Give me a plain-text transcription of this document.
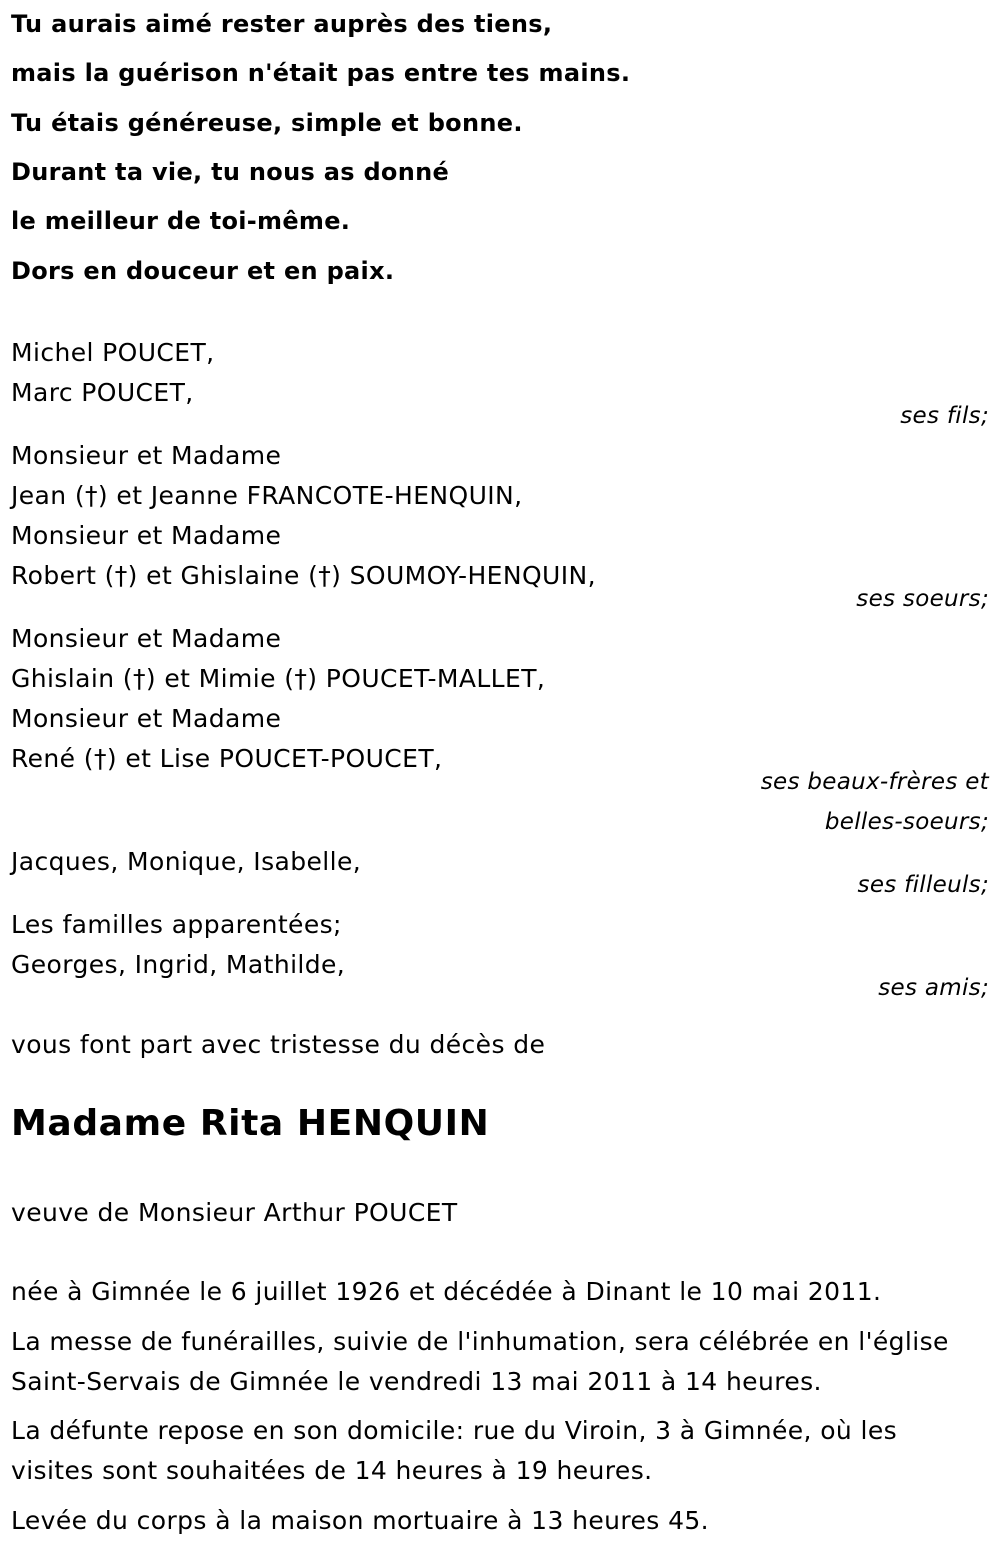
Tu aurais aimé rester auprès des tiens,
mais la guérison n'était pas entre tes mains.
Tu étais généreuse, simple et bonne.
Durant ta vie, tu nous as donné
le meilleur de toi-même.
Dors en douceur et en paix.
Michel POUCET,
Marc POUCET,
ses fils;
Monsieur et Madame
Jean (†) et Jeanne FRANCOTE-HENQUIN,
Monsieur et Madame
Robert (†) et Ghislaine (†) SOUMOY-HENQUIN,
ses soeurs;
Monsieur et Madame
Ghislain (†) et Mimie (†) POUCET-MALLET,
Monsieur et Madame
René (†) et Lise POUCET-POUCET,
ses beaux-frères et
belles-soeurs;
Jacques, Monique, Isabelle,
ses filleuls;
Les familles apparentées;
Georges, Ingrid, Mathilde,
ses amis;
vous font part avec tristesse du décès de
Madame Rita HENQUIN
veuve de Monsieur Arthur POUCET
née à Gimnée le 6 juillet 1926 et décédée à Dinant le 10 mai 2011.
La messe de funérailles, suivie de l'inhumation, sera célébrée en l'église
Saint-Servais de Gimnée le vendredi 13 mai 2011 à 14 heures.
La défunte repose en son domicile: rue du Viroin, 3 à Gimnée, où les
visites sont souhaitées de 14 heures à 19 heures.
Levée du corps à la maison mortuaire à 13 heures 45.
